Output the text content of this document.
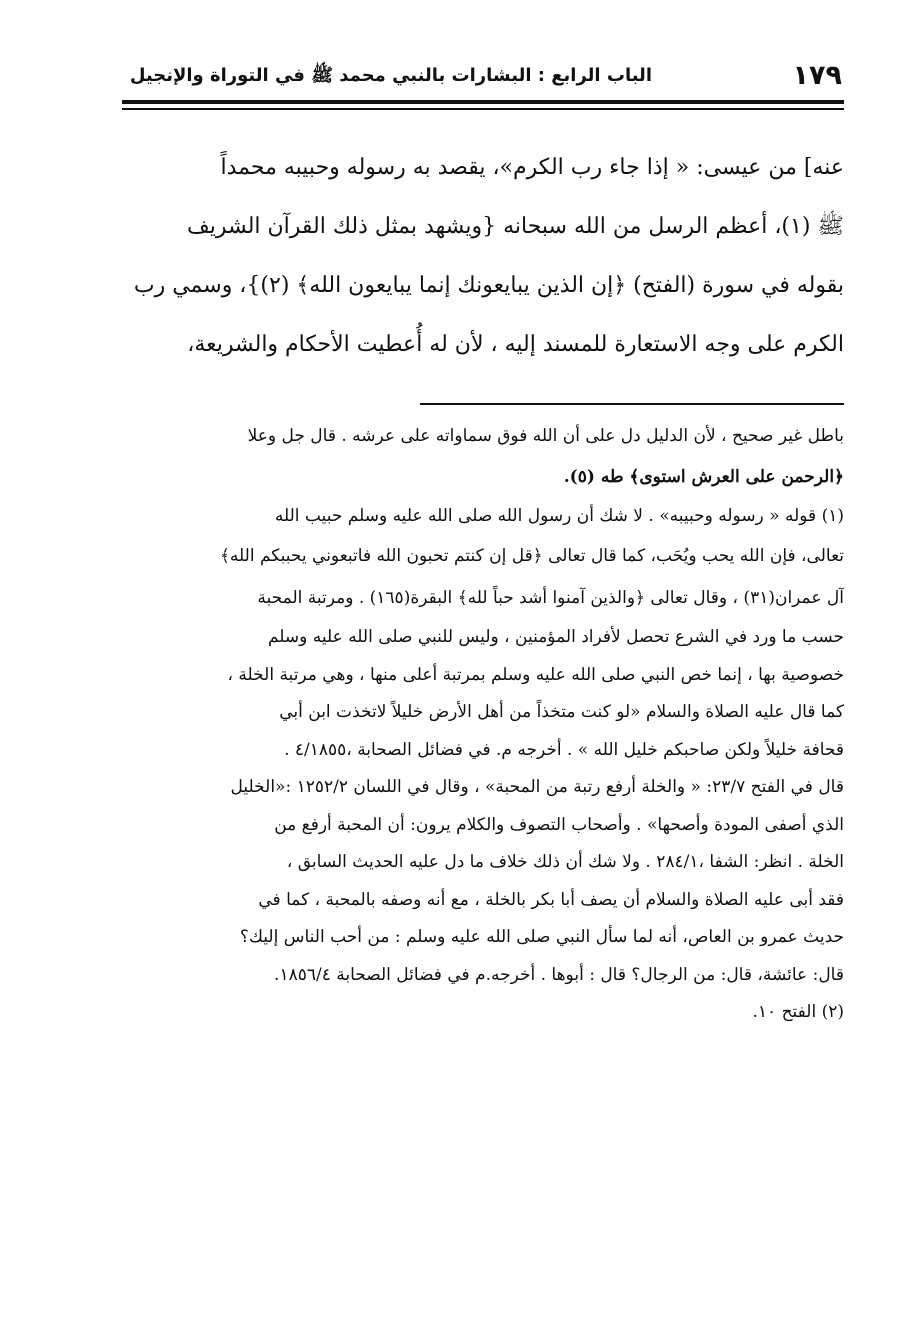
١٧٩
الباب الرابع : البشارات بالنبي محمد ﷺ في التوراة والإنجيل
عنه] من عيسى: « إذا جاء رب الكرم»، يقصد به رسوله وحبيبه محمداً
ﷺ (١)، أعظم الرسل من الله سبحانه {ويشهد بمثل ذلك القرآن الشريف
بقوله في سورة (الفتح) ﴿إن الذين يبايعونك إنما يبايعون الله﴾ (٢)}، وسمي رب
الكرم على وجه الاستعارة للمسند إليه ، لأن له أُعطيت الأحكام والشريعة،
باطل غير صحيح ، لأن الدليل دل على أن الله فوق سماواته على عرشه . قال جل وعلا
﴿الرحمن على العرش استوى﴾ طه (٥).
(١) قوله « رسوله وحبيبه» . لا شك أن رسول الله صلى الله عليه وسلم حبيب الله
تعالى، فإن الله يحب ويُحَب، كما قال تعالى ﴿قل إن كنتم تحبون الله فاتبعوني يحببكم الله﴾
آل عمران(٣١) ، وقال تعالى ﴿والذين آمنوا أشد حباً لله﴾ البقرة(١٦٥) . ومرتبة المحبة
حسب ما ورد في الشرع تحصل لأفراد المؤمنين ، وليس للنبي صلى الله عليه وسلم
خصوصية بها ، إنما خص النبي صلى الله عليه وسلم بمرتبة أعلى منها ، وهي مرتبة الخلة ،
كما قال عليه الصلاة والسلام «لو كنت متخذاً من أهل الأرض خليلاً لاتخذت ابن أبي
قحافة خليلاً ولكن صاحبكم خليل الله » . أخرجه م. في فضائل الصحابة ،٤/١٨٥٥ .
قال في الفتح ٢٣/٧: « والخلة أرفع رتبة من المحبة» ، وقال في اللسان ١٢٥٢/٢ :«الخليل
الذي أصفى المودة وأصحها» . وأصحاب التصوف والكلام يرون: أن المحبة أرفع من
الخلة . انظر: الشفا ،٢٨٤/١ . ولا شك أن ذلك خلاف ما دل عليه الحديث السابق ،
فقد أبى عليه الصلاة والسلام أن يصف أبا بكر بالخلة ، مع أنه وصفه بالمحبة ، كما في
حديث عمرو بن العاص، أنه لما سأل النبي صلى الله عليه وسلم : من أحب الناس إليك؟
قال: عائشة، قال: من الرجال؟ قال : أبوها . أخرجه.م في فضائل الصحابة ١٨٥٦/٤.
(٢) الفتح ١٠.
